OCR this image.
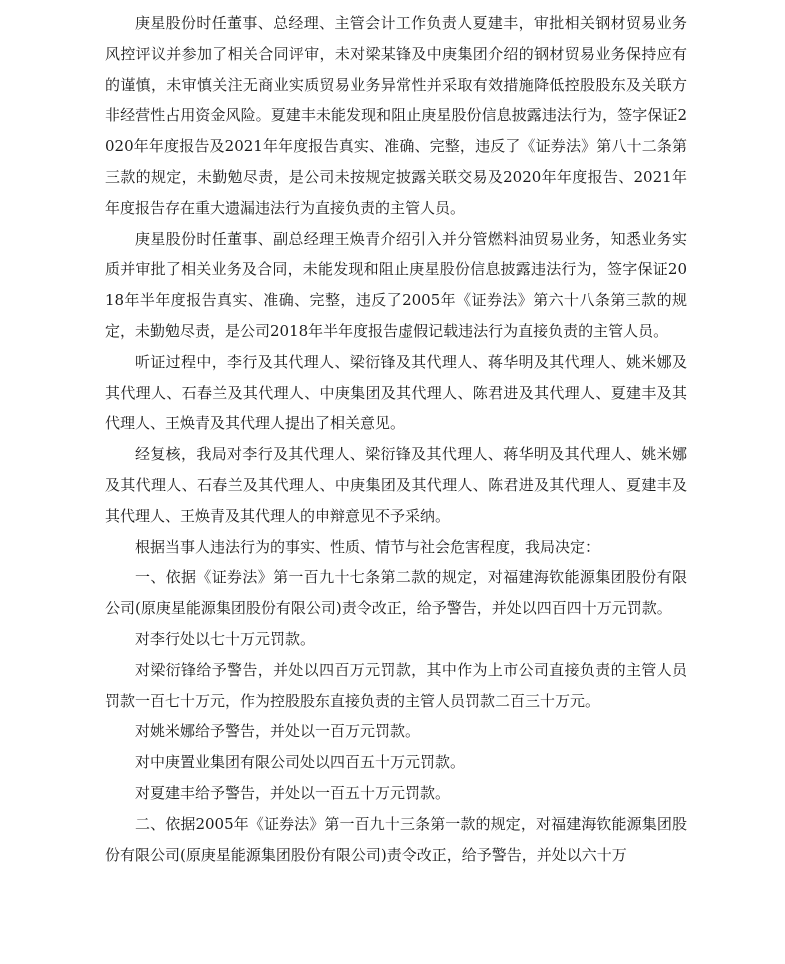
庚星股份时任董事、总经理、主管会计工作负责人夏建丰，审批相关钢材贸易业务风控评议并参加了相关合同评审，未对梁某锋及中庚集团介绍的钢材贸易业务保持应有的谨慎，未审慎关注无商业实质贸易业务异常性并采取有效措施降低控股股东及关联方非经营性占用资金风险。夏建丰未能发现和阻止庚星股份信息披露违法行为，签字保证2020年年度报告及2021年年度报告真实、准确、完整，违反了《证券法》第八十二条第三款的规定，未勤勉尽责，是公司未按规定披露关联交易及2020年年度报告、2021年年度报告存在重大遗漏违法行为直接负责的主管人员。

庚星股份时任董事、副总经理王焕青介绍引入并分管燃料油贸易业务，知悉业务实质并审批了相关业务及合同，未能发现和阻止庚星股份信息披露违法行为，签字保证2018年半年度报告真实、准确、完整，违反了2005年《证券法》第六十八条第三款的规定，未勤勉尽责，是公司2018年半年度报告虚假记载违法行为直接负责的主管人员。

听证过程中，李行及其代理人、梁衍锋及其代理人、蒋华明及其代理人、姚米娜及其代理人、石春兰及其代理人、中庚集团及其代理人、陈君进及其代理人、夏建丰及其代理人、王焕青及其代理人提出了相关意见。

经复核，我局对李行及其代理人、梁衍锋及其代理人、蒋华明及其代理人、姚米娜及其代理人、石春兰及其代理人、中庚集团及其代理人、陈君进及其代理人、夏建丰及其代理人、王焕青及其代理人的申辩意见不予采纳。

根据当事人违法行为的事实、性质、情节与社会危害程度，我局决定：

一、依据《证券法》第一百九十七条第二款的规定，对福建海钦能源集团股份有限公司(原庚星能源集团股份有限公司)责令改正，给予警告，并处以四百四十万元罚款。

对李行处以七十万元罚款。

对梁衍锋给予警告，并处以四百万元罚款，其中作为上市公司直接负责的主管人员罚款一百七十万元，作为控股股东直接负责的主管人员罚款二百三十万元。

对姚米娜给予警告，并处以一百万元罚款。

对中庚置业集团有限公司处以四百五十万元罚款。

对夏建丰给予警告，并处以一百五十万元罚款。

二、依据2005年《证券法》第一百九十三条第一款的规定，对福建海钦能源集团股份有限公司(原庚星能源集团股份有限公司)责令改正，给予警告，并处以六十万
